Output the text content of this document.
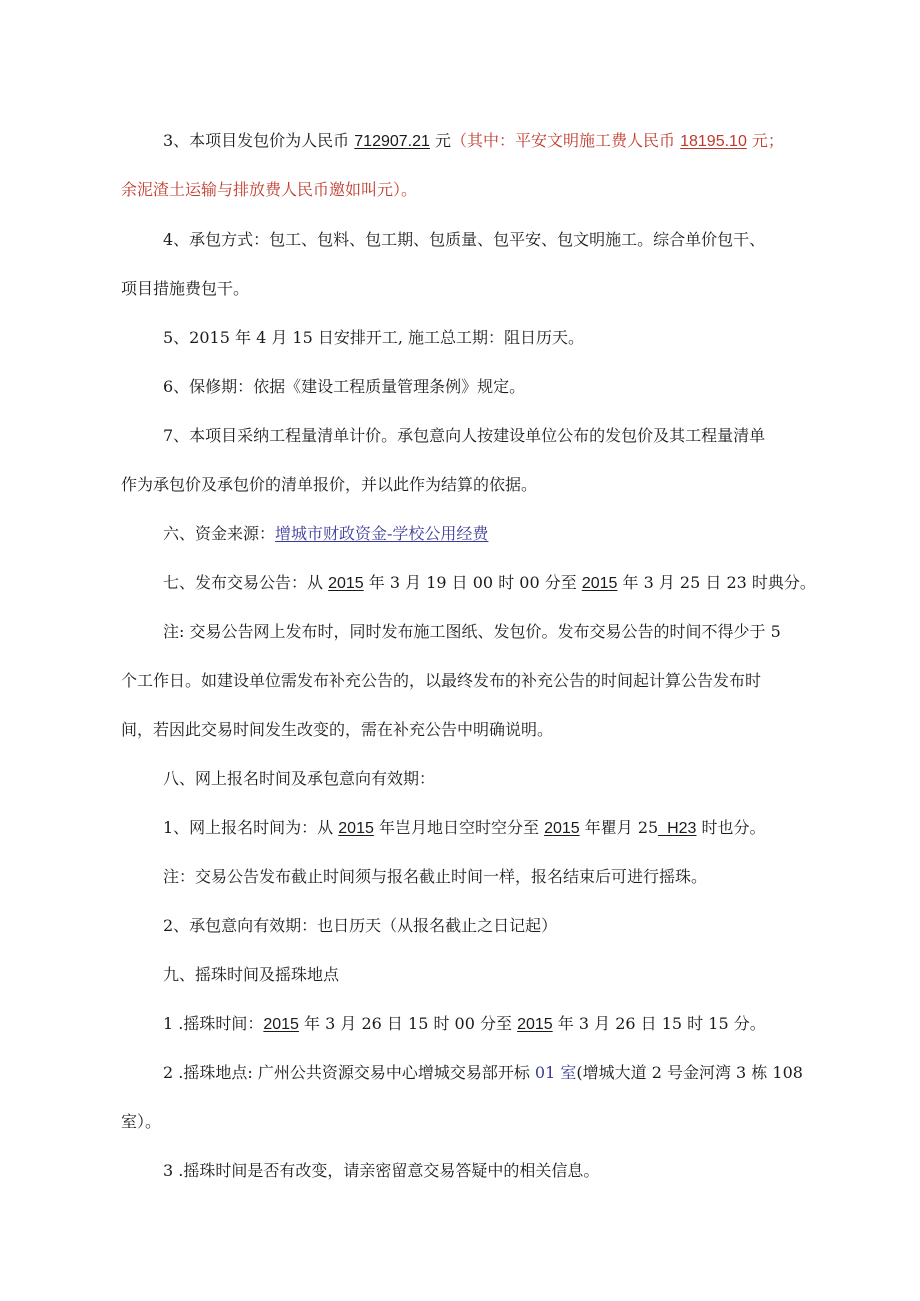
3、本项目发包价为人民币 712907.21 元（其中：平安文明施工费人民币 18195.10 元；
余泥渣土运输与排放费人民币邀如叫元）。
4、承包方式：包工、包料、包工期、包质量、包平安、包文明施工。综合单价包干、
项目措施费包干。
5、2015 年 4 月 15 日安排开工, 施工总工期：阻日历天。
6、保修期：依据《建设工程质量管理条例》规定。
7、本项目采纳工程量清单计价。承包意向人按建设单位公布的发包价及其工程量清单
作为承包价及承包价的清单报价，并以此作为结算的依据。
六、资金来源：增城市财政资金-学校公用经费
七、发布交易公告：从 2015 年 3 月 19 日 00 时 00 分至 2015 年 3 月 25 日 23 时典分。
注: 交易公告网上发布时，同时发布施工图纸、发包价。发布交易公告的时间不得少于 5
个工作日。如建设单位需发布补充公告的，以最终发布的补充公告的时间起计算公告发布时
间，若因此交易时间发生改变的，需在补充公告中明确说明。
八、网上报名时间及承包意向有效期：
1、网上报名时间为：从 2015 年岂月地日空时空分至 2015 年瞿月 25_H23 时也分。
注：交易公告发布截止时间须与报名截止时间一样，报名结束后可进行摇珠。
2、承包意向有效期：也日历天（从报名截止之日记起）
九、摇珠时间及摇珠地点
1 .摇珠时间：2015 年 3 月 26 日 15 时 00 分至 2015 年 3 月 26 日 15 时 15 分。
2 .摇珠地点: 广州公共资源交易中心增城交易部开标 01 室(增城大道 2 号金河湾 3 栋 108
室）。
3 .摇珠时间是否有改变，请亲密留意交易答疑中的相关信息。
